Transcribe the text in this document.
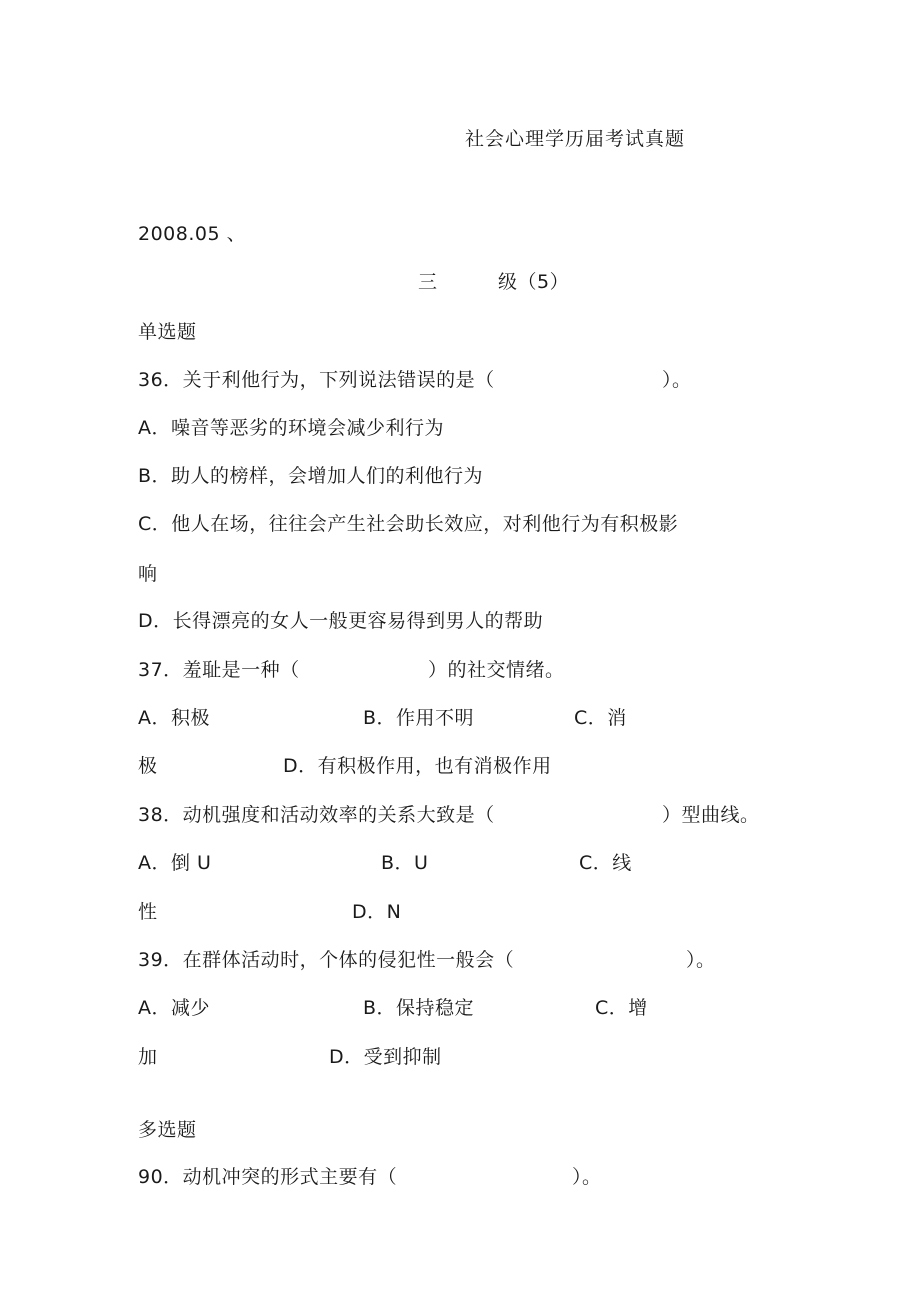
社会心理学历届考试真题
2008.05 、
三	级（5）
单选题
36．关于利他行为，下列说法错误的是（	）。
A．噪音等恶劣的环境会减少利行为
B．助人的榜样，会增加人们的利他行为
C．他人在场，往往会产生社会助长效应，对利他行为有积极影
响
D．长得漂亮的女人一般更容易得到男人的帮助
37．羞耻是一种（	）的社交情绪。
A．积极	B．作用不明	C．消
极	D．有积极作用，也有消极作用
38．动机强度和活动效率的关系大致是（	）型曲线。
A．倒 U	B．U	C．线
性	D．N
39．在群体活动时，个体的侵犯性一般会（	）。
A．减少	B．保持稳定	C．增
加	D．受到抑制
多选题
90．动机冲突的形式主要有（	）。
